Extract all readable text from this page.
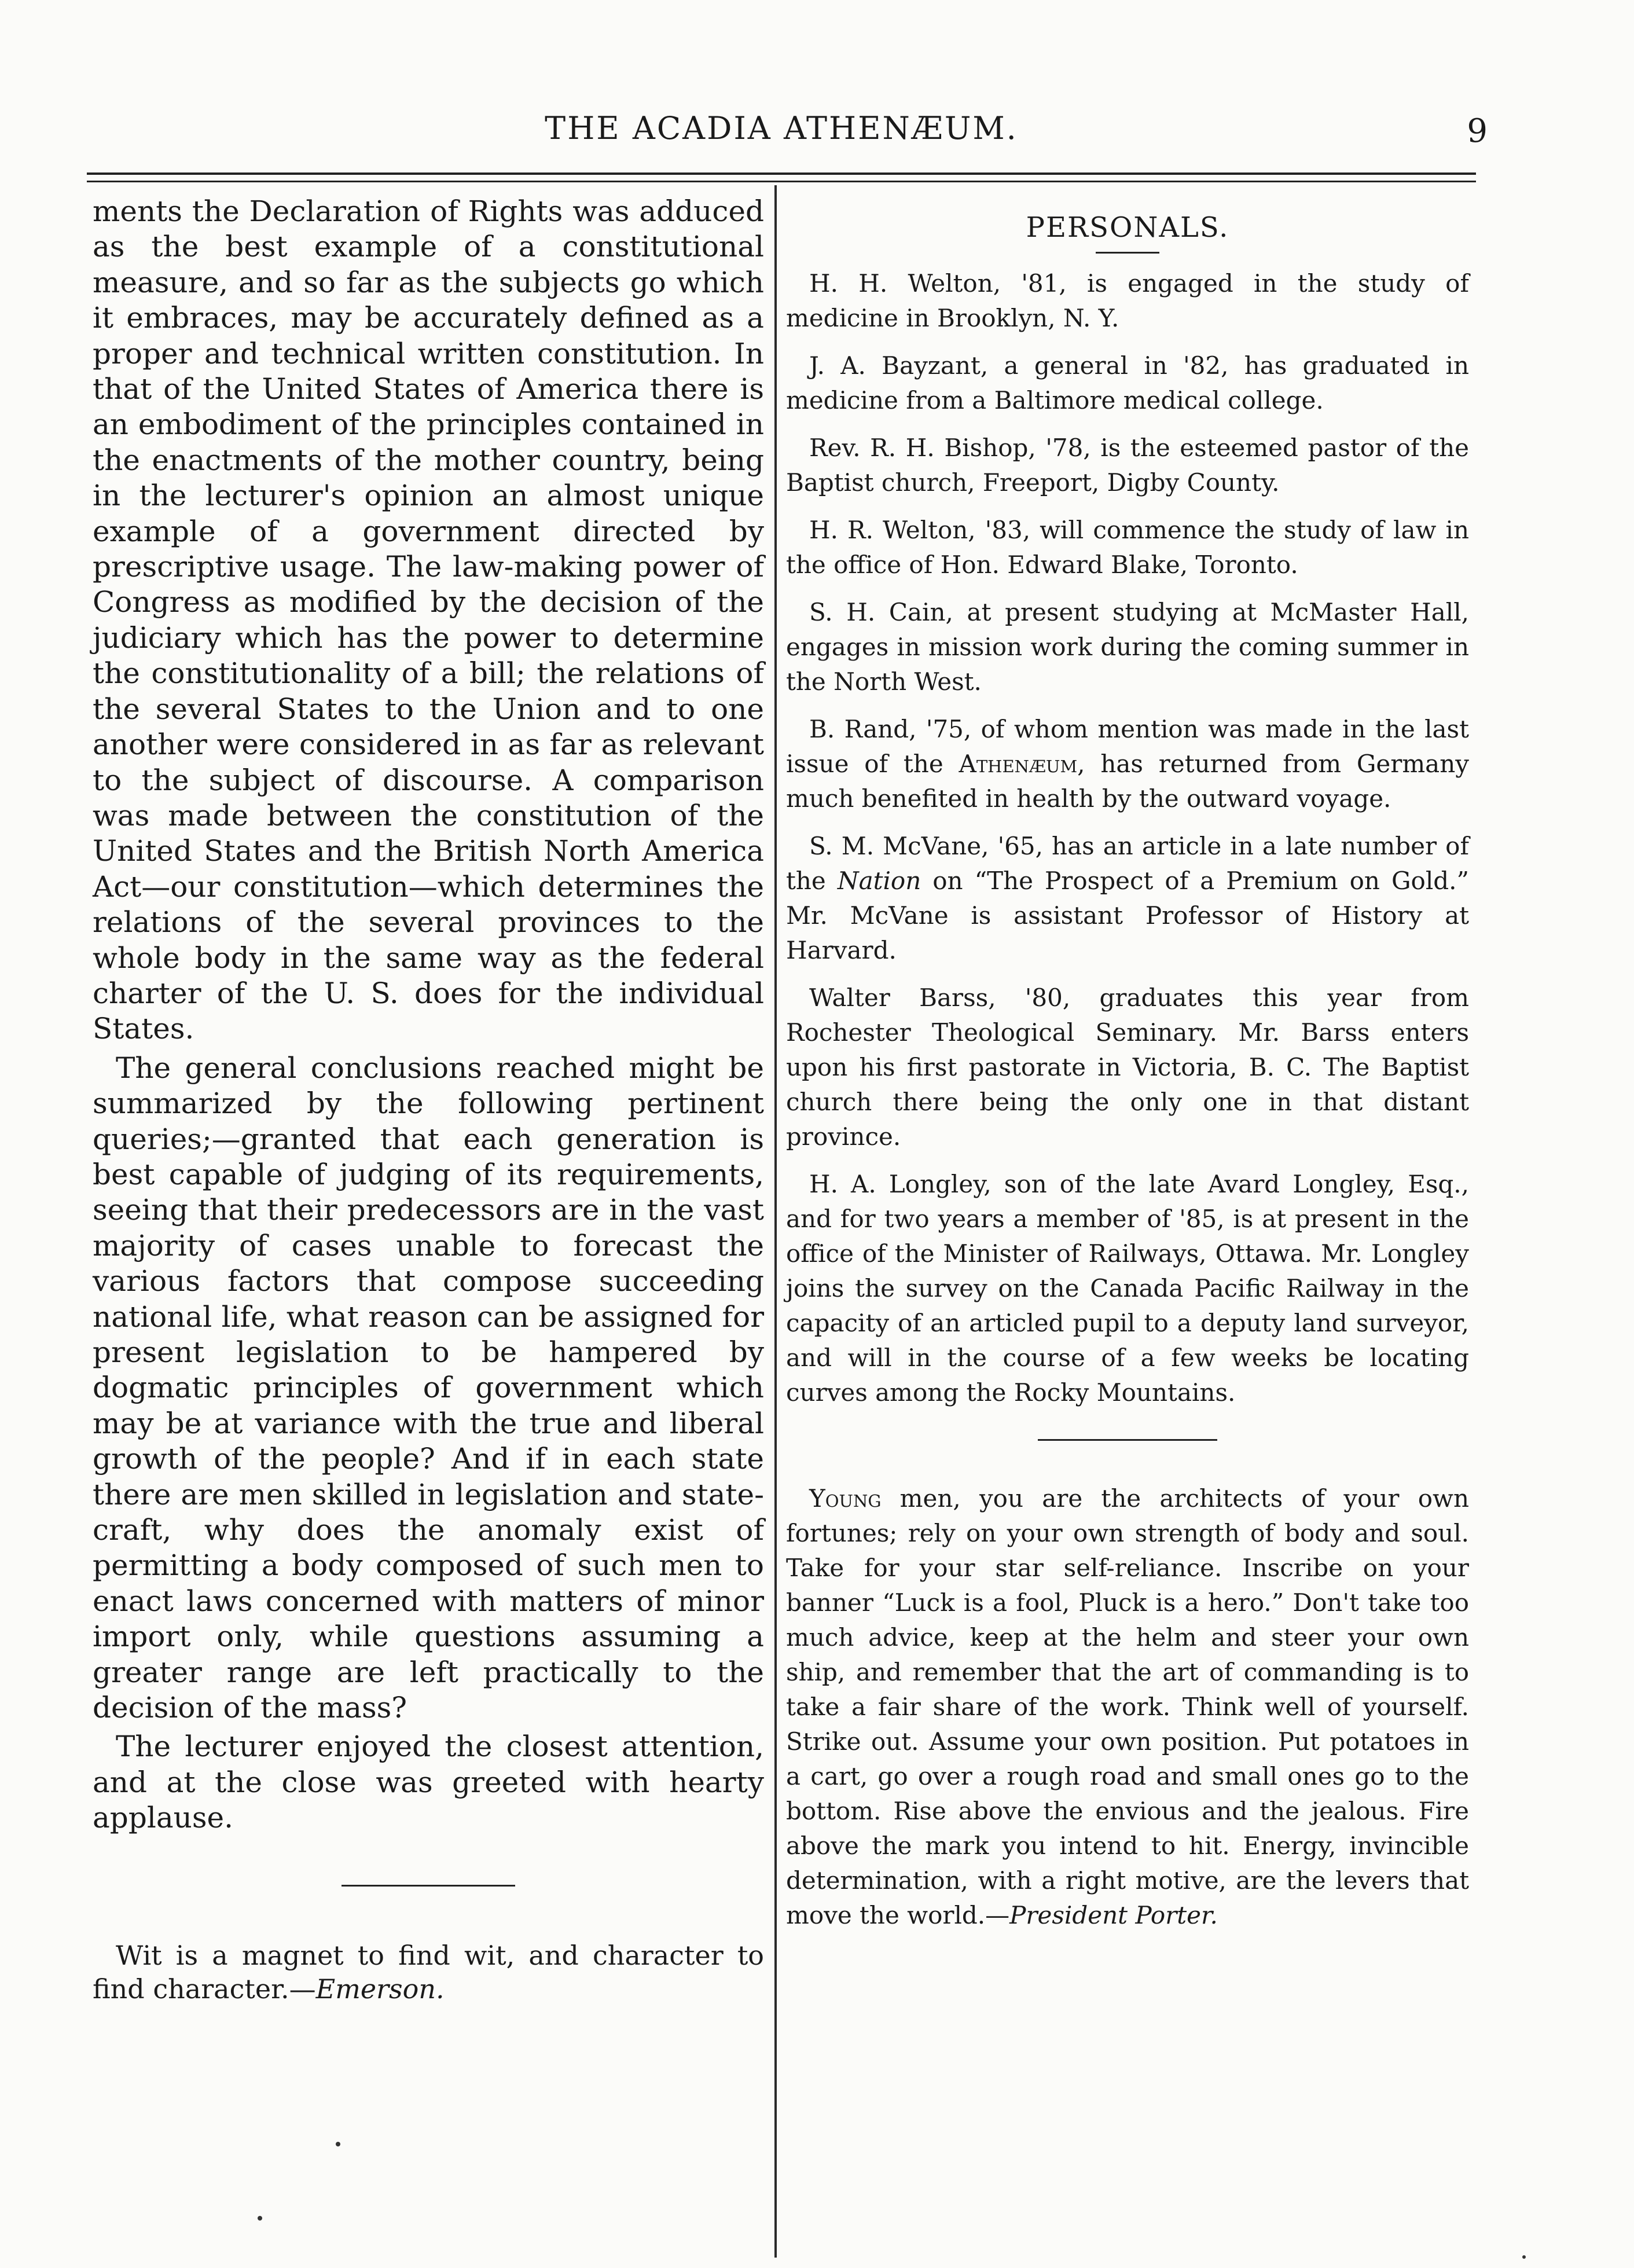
THE ACADIA ATHENÆUM.	9

ments the Declaration of Rights was adduced as the best example of a constitutional measure, and so far as the subjects go which it embraces, may be accurately defined as a proper and technical written constitution. In that of the United States of America there is an embodiment of the principles contained in the enactments of the mother country, being in the lecturer's opinion an almost unique example of a government directed by prescriptive usage. The law-making power of Congress as modified by the decision of the judiciary which has the power to determine the constitutionality of a bill; the relations of the several States to the Union and to one another were considered in as far as relevant to the subject of discourse. A comparison was made between the constitution of the United States and the British North America Act—our constitution—which determines the relations of the several provinces to the whole body in the same way as the federal charter of the U. S. does for the individual States.

The general conclusions reached might be summarized by the following pertinent queries;—granted that each generation is best capable of judging of its requirements, seeing that their predecessors are in the vast majority of cases unable to forecast the various factors that compose succeeding national life, what reason can be assigned for present legislation to be hampered by dogmatic principles of government which may be at variance with the true and liberal growth of the people? And if in each state there are men skilled in legislation and state-craft, why does the anomaly exist of permitting a body composed of such men to enact laws concerned with matters of minor import only, while questions assuming a greater range are left practically to the decision of the mass?

The lecturer enjoyed the closest attention, and at the close was greeted with hearty applause.

Wit is a magnet to find wit, and character to find character.—Emerson.

PERSONALS.

H. H. Welton, '81, is engaged in the study of medicine in Brooklyn, N. Y.

J. A. Bayzant, a general in '82, has graduated in medicine from a Baltimore medical college.

Rev. R. H. Bishop, '78, is the esteemed pastor of the Baptist church, Freeport, Digby County.

H. R. Welton, '83, will commence the study of law in the office of Hon. Edward Blake, Toronto.

S. H. Cain, at present studying at McMaster Hall, engages in mission work during the coming summer in the North West.

B. Rand, '75, of whom mention was made in the last issue of the Athenæum, has returned from Germany much benefited in health by the outward voyage.

S. M. McVane, '65, has an article in a late number of the Nation on “The Prospect of a Premium on Gold.” Mr. McVane is assistant Professor of History at Harvard.

Walter Barss, '80, graduates this year from Rochester Theological Seminary. Mr. Barss enters upon his first pastorate in Victoria, B. C. The Baptist church there being the only one in that distant province.

H. A. Longley, son of the late Avard Longley, Esq., and for two years a member of '85, is at present in the office of the Minister of Railways, Ottawa. Mr. Longley joins the survey on the Canada Pacific Railway in the capacity of an articled pupil to a deputy land surveyor, and will in the course of a few weeks be locating curves among the Rocky Mountains.

Young men, you are the architects of your own fortunes; rely on your own strength of body and soul. Take for your star self-reliance. Inscribe on your banner “Luck is a fool, Pluck is a hero.” Don't take too much advice, keep at the helm and steer your own ship, and remember that the art of commanding is to take a fair share of the work. Think well of yourself. Strike out. Assume your own position. Put potatoes in a cart, go over a rough road and small ones go to the bottom. Rise above the envious and the jealous. Fire above the mark you intend to hit. Energy, invincible determination, with a right motive, are the levers that move the world.—President Porter.
